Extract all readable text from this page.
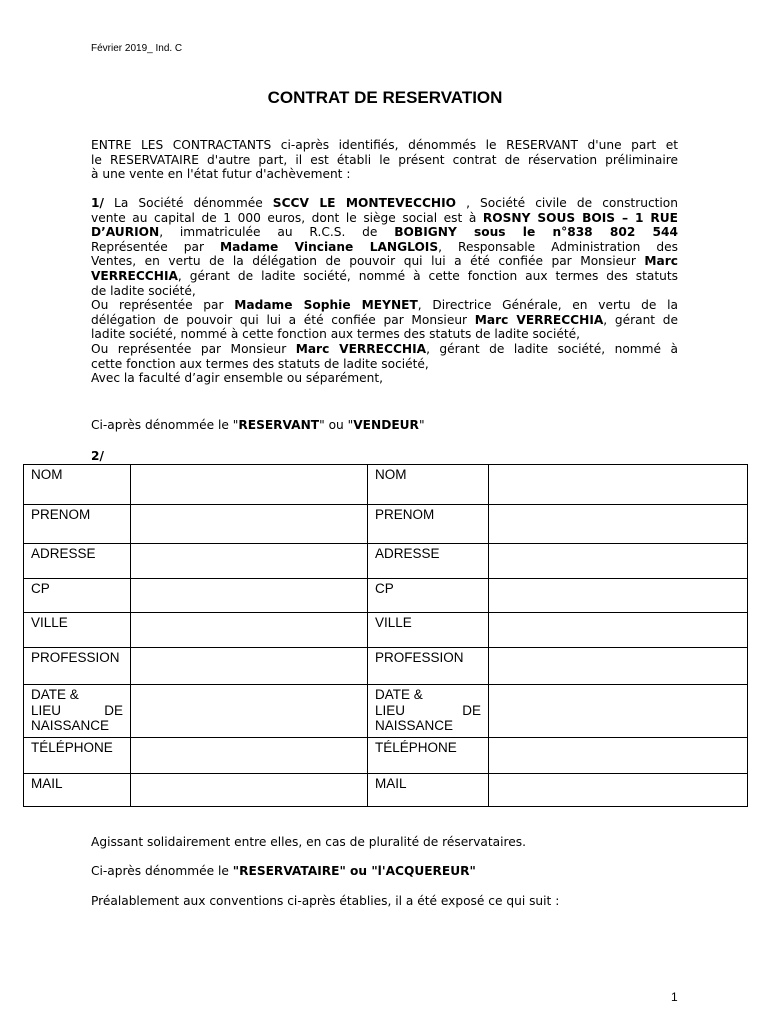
Février 2019_ Ind. C
CONTRAT DE RESERVATION
ENTRE LES CONTRACTANTS ci-après identifiés, dénommés le RESERVANT d'une part et
le RESERVATAIRE d'autre part, il est établi le présent contrat de réservation préliminaire
à une vente en l'état futur d'achèvement :
1/ La Société dénommée SCCV LE MONTEVECCHIO , Société civile de construction
vente au capital de 1 000 euros, dont le siège social est à ROSNY SOUS BOIS – 1 RUE
D’AURION, immatriculée au R.C.S. de BOBIGNY sous le n°838 802 544
Représentée par Madame Vinciane LANGLOIS, Responsable Administration des
Ventes, en vertu de la délégation de pouvoir qui lui a été confiée par Monsieur Marc
VERRECCHIA, gérant de ladite société, nommé à cette fonction aux termes des statuts
de ladite société,
Ou représentée par Madame Sophie MEYNET, Directrice Générale, en vertu de la
délégation de pouvoir qui lui a été confiée par Monsieur Marc VERRECCHIA, gérant de
ladite société, nommé à cette fonction aux termes des statuts de ladite société,
Ou représentée par Monsieur Marc VERRECCHIA, gérant de ladite société, nommé à
cette fonction aux termes des statuts de ladite société,
Avec la faculté d’agir ensemble ou séparément,
Ci-après dénommée le "RESERVANT" ou "VENDEUR"
2/
NOM		NOM	
PRENOM		PRENOM	
ADRESSE		ADRESSE	
CP		CP	
VILLE		VILLE	
PROFESSION		PROFESSION	

DATE &
LIEU DE
NAISSANCE		DATE &
LIEU DE
NAISSANCE	

TÉLÉPHONE		TÉLÉPHONE	
MAIL		MAIL	
Agissant solidairement entre elles, en cas de pluralité de réservataires.
Ci-après dénommée le "RESERVATAIRE" ou "l'ACQUEREUR"
Préalablement aux conventions ci-après établies, il a été exposé ce qui suit :
1
